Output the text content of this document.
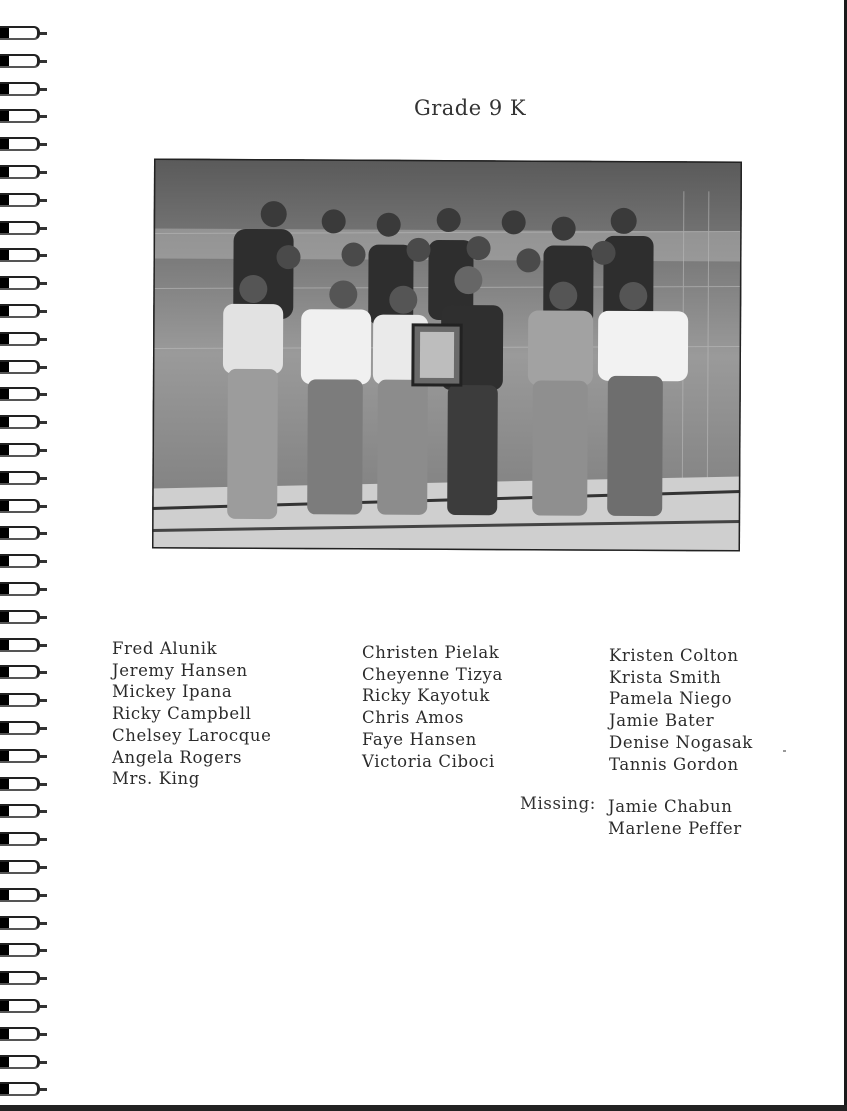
Grade 9 K
Fred Alunik
Jeremy Hansen
Mickey Ipana
Ricky Campbell
Chelsey Larocque
Angela Rogers
Mrs. King
Christen Pielak
Cheyenne Tizya
Ricky Kayotuk
Chris Amos
Faye Hansen
Victoria Ciboci
Kristen Colton
Krista Smith
Pamela Niego
Jamie Bater
Denise Nogasak
Tannis Gordon
Missing: Jamie Chabun
Marlene Peffer
